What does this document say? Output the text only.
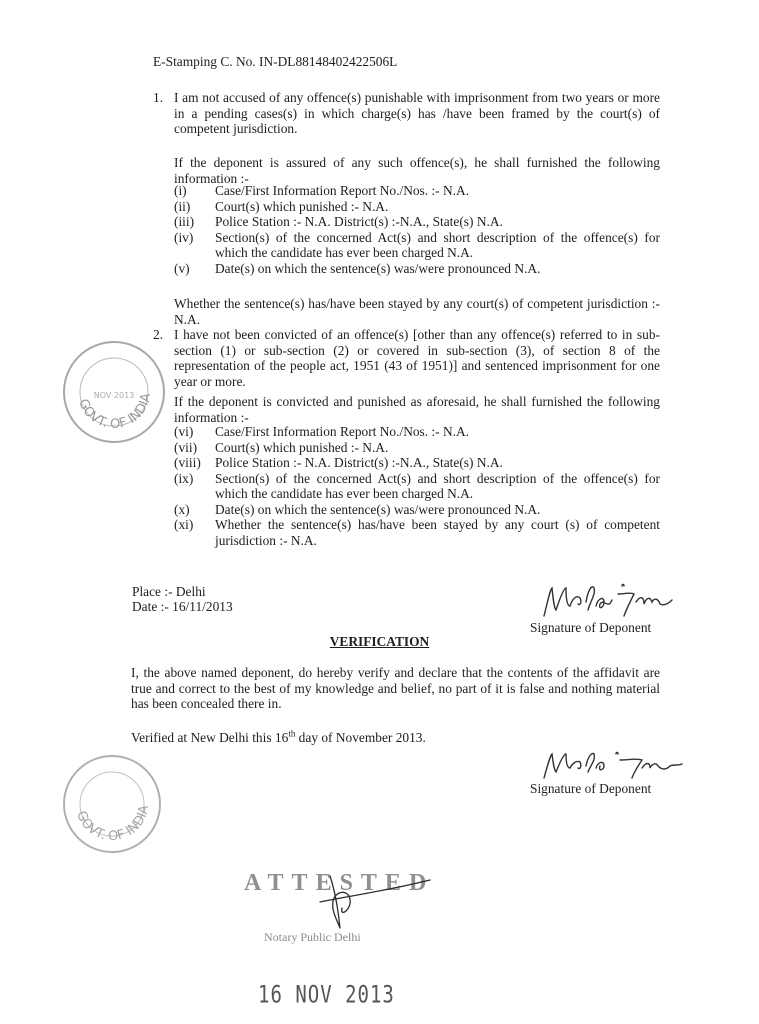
E-Stamping C. No. IN-DL88148402422506L
1. I am not accused of any offence(s) punishable with imprisonment from two years or more in a pending cases(s) in which charge(s) has /have been framed by the court(s) of competent jurisdiction.
If the deponent is assured of any such offence(s), he shall furnished the following information :-
(i)	Case/First Information Report No./Nos. :- N.A.
(ii)	Court(s) which punished :- N.A.
(iii)	Police Station :- N.A. District(s) :-N.A., State(s) N.A.
(iv)	Section(s) of the concerned Act(s) and short description of the offence(s) for which the candidate has ever been charged N.A.
(v)	Date(s) on which the sentence(s) was/were pronounced N.A.
Whether the sentence(s) has/have been stayed by any court(s) of competent jurisdiction :- N.A.
2. I have not been convicted of an offence(s) [other than any offence(s) referred to in sub-section (1) or sub-section (2) or covered in sub-section (3), of section 8 of the representation of the people act, 1951 (43 of 1951)] and sentenced imprisonment for one year or more.
If the deponent is convicted and punished as aforesaid, he shall furnished the following information :-
(vi)	Case/First Information Report No./Nos. :- N.A.
(vii)	Court(s) which punished :- N.A.
(viii)	Police Station :- N.A. District(s) :-N.A., State(s) N.A.
(ix)	Section(s) of the concerned Act(s) and short description of the offence(s) for which the candidate has ever been charged N.A.
(x)	Date(s) on which the sentence(s) was/were pronounced N.A.
(xi)	Whether the sentence(s) has/have been stayed by any court (s) of competent jurisdiction :- N.A.
Place :- Delhi
Date :- 16/11/2013
Signature of Deponent
VERIFICATION
I, the above named deponent, do hereby verify and declare that the contents of the affidavit are true and correct to the best of my knowledge and belief, no part of it is false and nothing material has been concealed there in.
Verified at New Delhi this 16th day of November 2013.
Signature of Deponent
GOVT. OF INDIA
NOV 2013
GOVT. OF INDIA
ATTESTED
Notary Public Delhi
16 NOV 2013
